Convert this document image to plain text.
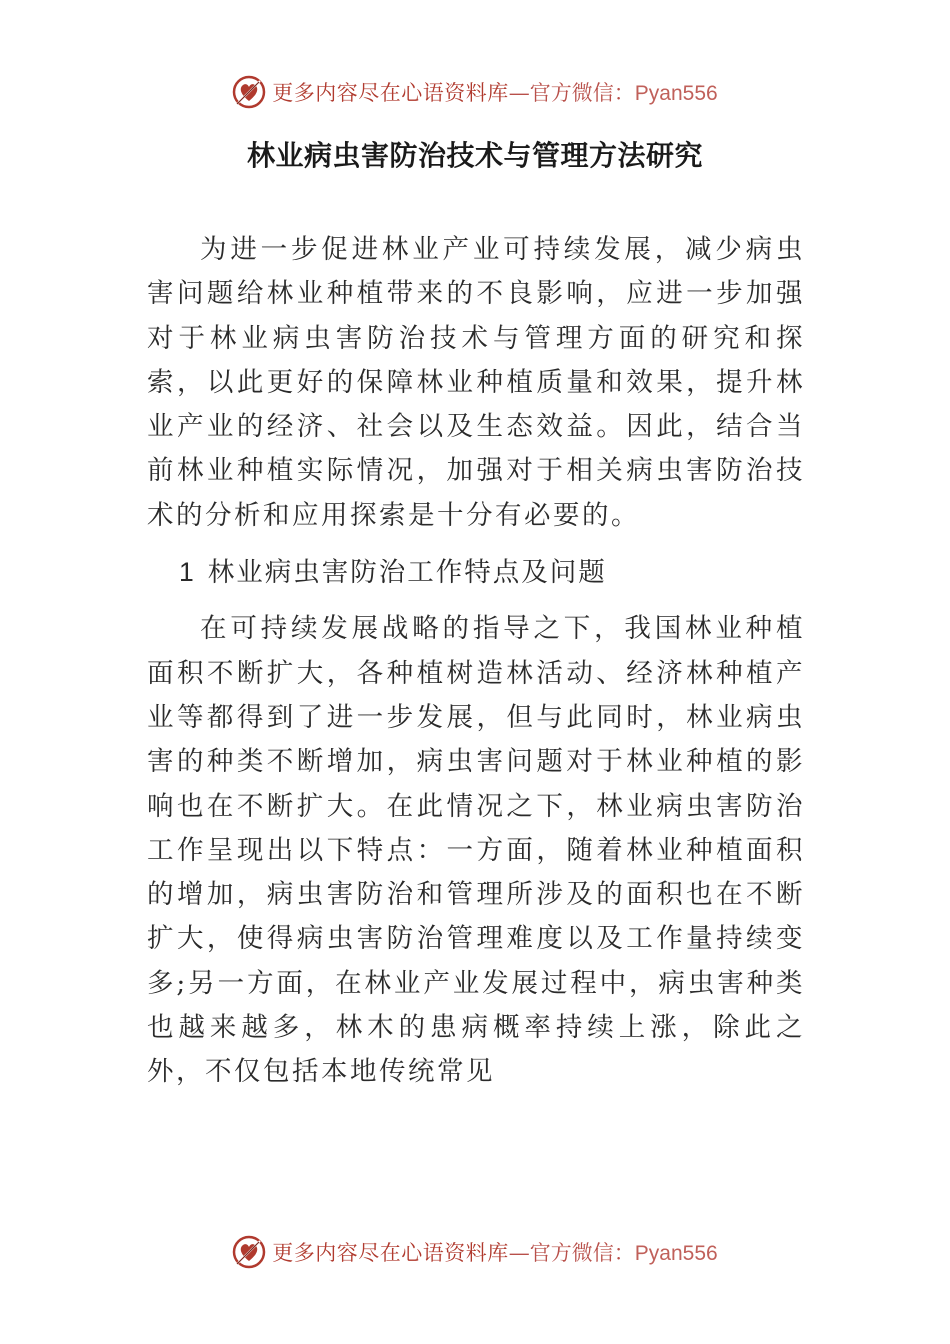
更多内容尽在心语资料库 —官方微信：Pyan556
林业病虫害防治技术与管理方法研究

为进一步促进林业产业可持续发展，减少病虫害问题给林业种植带来的不良影响，应进一步加强对于林业病虫害防治技术与管理方面的研究和探索，以此更好的保障林业种植质量和效果，提升林业产业的经济、社会以及生态效益。因此，结合当前林业种植实际情况，加强对于相关病虫害防治技术的分析和应用探索是十分有必要的。

1 林业病虫害防治工作特点及问题

在可持续发展战略的指导之下，我国林业种植面积不断扩大，各种植树造林活动、经济林种植产业等都得到了进一步发展，但与此同时，林业病虫害的种类不断增加，病虫害问题对于林业种植的影响也在不断扩大。在此情况之下，林业病虫害防治工作呈现出以下特点：一方面，随着林业种植面积的增加，病虫害防治和管理所涉及的面积也在不断扩大，使得病虫害防治管理难度以及工作量持续变多;另一方面，在林业产业发展过程中，病虫害种类也越来越多，林木的患病概率持续上涨，除此之外，不仅包括本地传统常见

更多内容尽在心语资料库 —官方微信：Pyan556
